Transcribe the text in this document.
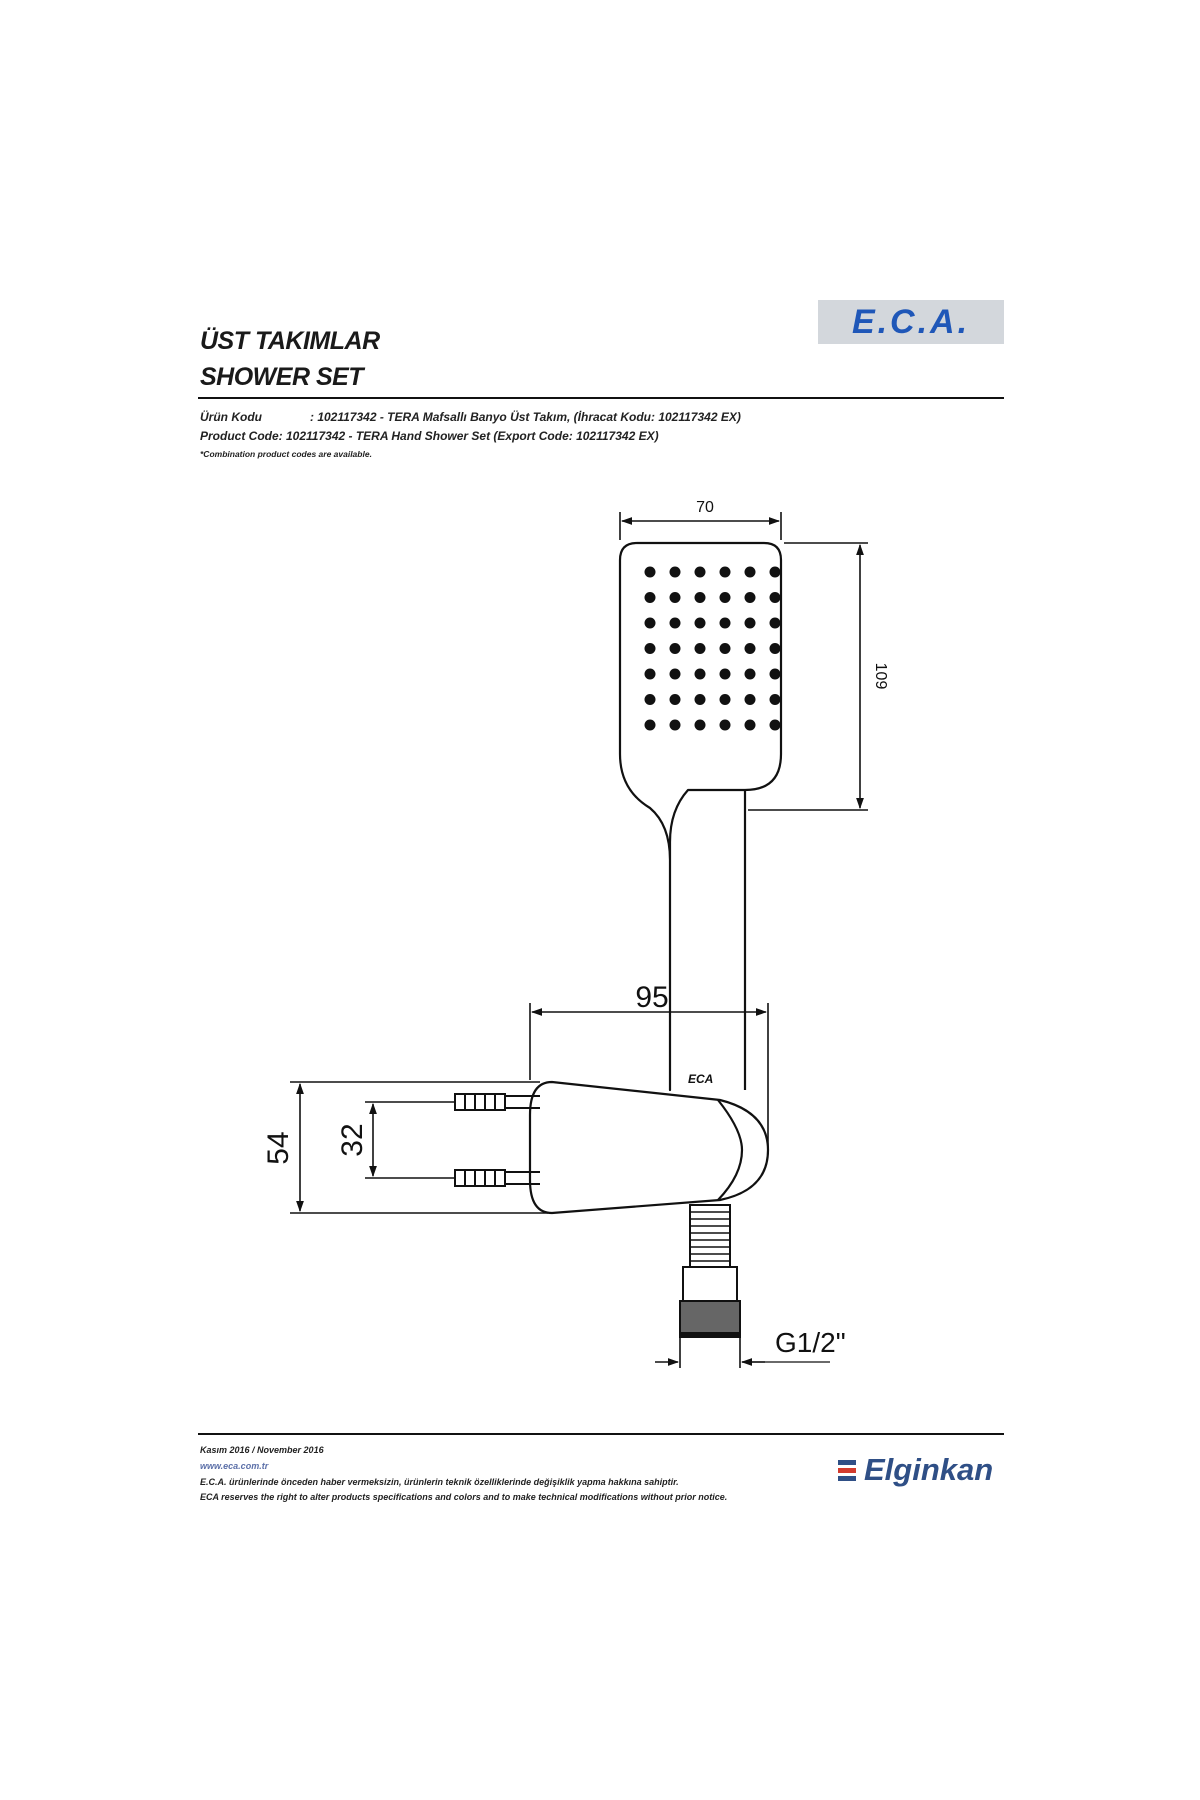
ÜST TAKIMLAR
SHOWER SET
E.C.A.
Ürün Kodu	: 102117342 - TERA Mafsallı Banyo Üst Takım, (İhracat Kodu: 102117342 EX)
Product Code: 102117342 - TERA Hand Shower Set (Export Code: 102117342 EX)
*Combination product codes are available.
70
109
95
54 32
G1/2"
ECA
Kasım 2016 / November 2016
www.eca.com.tr
E.C.A. ürünlerinde önceden haber vermeksizin, ürünlerin teknik özelliklerinde değişiklik yapma hakkına sahiptir.
ECA reserves the right to alter products specifications and colors and to make technical modifications without prior notice.
Elginkan
